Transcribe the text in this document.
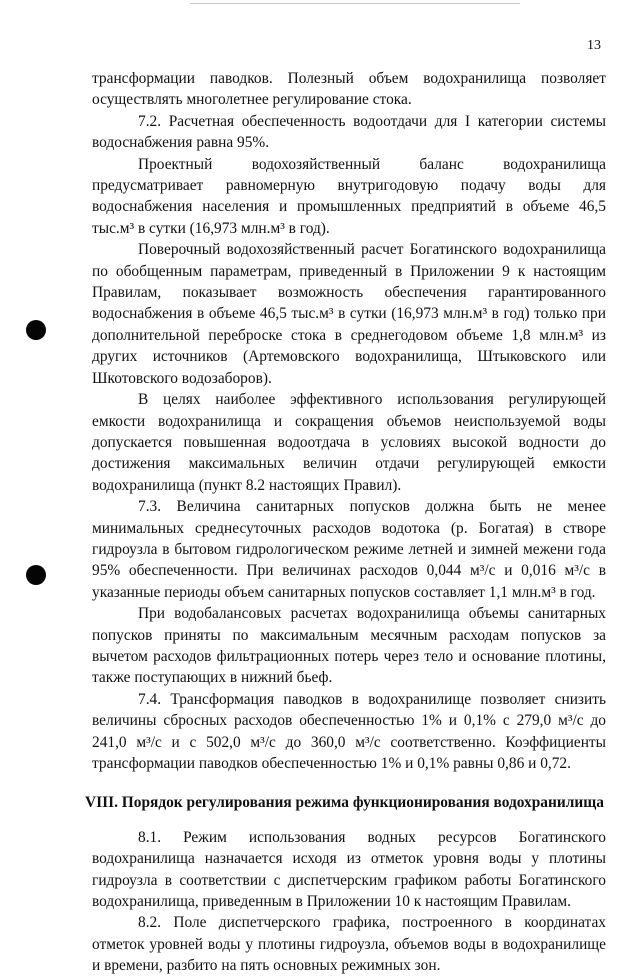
13

трансформации паводков. Полезный объем водохранилища позволяет осуществлять многолетнее регулирование стока.

7.2. Расчетная обеспеченность водоотдачи для I категории системы водоснабжения равна 95%.

Проектный водохозяйственный баланс водохранилища предусматривает равномерную внутригодовую подачу воды для водоснабжения населения и промышленных предприятий в объеме 46,5 тыс.м³ в сутки (16,973 млн.м³ в год).

Поверочный водохозяйственный расчет Богатинского водохранилища по обобщенным параметрам, приведенный в Приложении 9 к настоящим Правилам, показывает возможность обеспечения гарантированного водоснабжения в объеме 46,5 тыс.м³ в сутки (16,973 млн.м³ в год) только при дополнительной переброске стока в среднегодовом объеме 1,8 млн.м³ из других источников (Артемовского водохранилища, Штыковского или Шкотовского водозаборов).

В целях наиболее эффективного использования регулирующей емкости водохранилища и сокращения объемов неиспользуемой воды допускается повышенная водоотдача в условиях высокой водности до достижения максимальных величин отдачи регулирующей емкости водохранилища (пункт 8.2 настоящих Правил).

7.3. Величина санитарных попусков должна быть не менее минимальных среднесуточных расходов водотока (р. Богатая) в створе гидроузла в бытовом гидрологическом режиме летней и зимней межени года 95% обеспеченности. При величинах расходов 0,044 м³/с и 0,016 м³/с в указанные периоды объем санитарных попусков составляет 1,1 млн.м³ в год.

При водобалансовых расчетах водохранилища объемы санитарных попусков приняты по максимальным месячным расходам попусков за вычетом расходов фильтрационных потерь через тело и основание плотины, также поступающих в нижний бьеф.

7.4. Трансформация паводков в водохранилище позволяет снизить величины сбросных расходов обеспеченностью 1% и 0,1% с 279,0 м³/с до 241,0 м³/с и с 502,0 м³/с до 360,0 м³/с соответственно. Коэффициенты трансформации паводков обеспеченностью 1% и 0,1% равны 0,86 и 0,72.

VIII. Порядок регулирования режима функционирования водохранилища

8.1. Режим использования водных ресурсов Богатинского водохранилища назначается исходя из отметок уровня воды у плотины гидроузла в соответствии с диспетчерским графиком работы Богатинского водохранилища, приведенным в Приложении 10 к настоящим Правилам.

8.2. Поле диспетчерского графика, построенного в координатах отметок уровней воды у плотины гидроузла, объемов воды в водохранилище и времени, разбито на пять основных режимных зон.
